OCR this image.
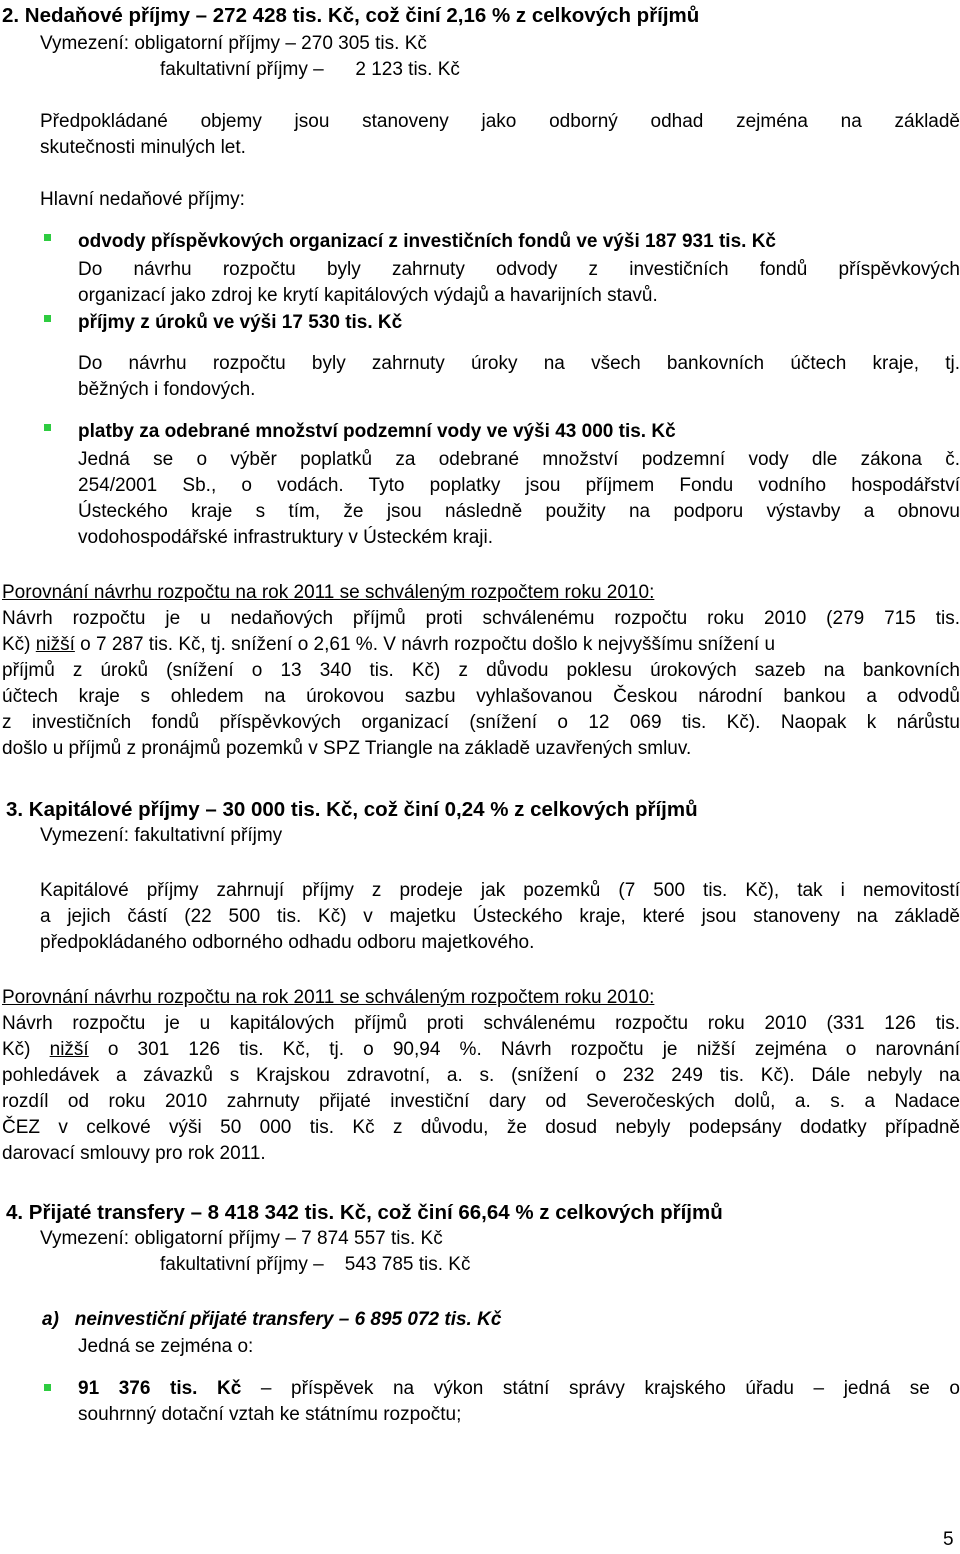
2. Nedaňové příjmy – 272 428 tis. Kč, což činí 2,16 % z celkových příjmů
Vymezení: obligatorní příjmy – 270 305 tis. Kč
fakultativní příjmy –      2 123 tis. Kč
Předpokládané objemy jsou stanoveny jako odborný odhad zejména na základě
skutečnosti minulých let.
Hlavní nedaňové příjmy:
odvody příspěvkových organizací z investičních fondů ve výši 187 931 tis. Kč
Do návrhu rozpočtu byly zahrnuty odvody z investičních fondů příspěvkových
organizací jako zdroj ke krytí kapitálových výdajů a havarijních stavů.
příjmy z úroků ve výši 17 530 tis. Kč
Do návrhu rozpočtu byly zahrnuty úroky na všech bankovních účtech kraje, tj.
běžných i fondových.
platby za odebrané množství podzemní vody ve výši 43 000 tis. Kč
Jedná se o výběr poplatků za odebrané množství podzemní vody dle zákona č.
254/2001 Sb., o vodách. Tyto poplatky jsou příjmem Fondu vodního hospodářství
Ústeckého kraje s tím, že jsou následně použity na podporu výstavby a obnovu
vodohospodářské infrastruktury v Ústeckém kraji.
Porovnání návrhu rozpočtu na rok 2011 se schváleným rozpočtem roku 2010:
Návrh rozpočtu je u nedaňových příjmů proti schválenému rozpočtu roku 2010 (279 715 tis.
Kč) nižší o 7 287 tis. Kč, tj. snížení o 2,61 %. V návrh rozpočtu došlo k nejvyššímu snížení u
příjmů z úroků (snížení o 13 340 tis. Kč) z důvodu poklesu úrokových sazeb na bankovních
účtech kraje s ohledem na úrokovou sazbu vyhlašovanou Českou národní bankou a odvodů
z investičních fondů příspěvkových organizací (snížení o 12 069 tis. Kč). Naopak k nárůstu
došlo u příjmů z pronájmů pozemků v SPZ Triangle na základě uzavřených smluv.
3. Kapitálové příjmy – 30 000 tis. Kč, což činí 0,24 % z celkových příjmů
Vymezení: fakultativní příjmy
Kapitálové příjmy zahrnují příjmy z prodeje jak pozemků (7 500 tis. Kč), tak i nemovitostí
a jejich částí (22 500 tis. Kč) v majetku Ústeckého kraje, které jsou stanoveny na základě
předpokládaného odborného odhadu odboru majetkového.
Porovnání návrhu rozpočtu na rok 2011 se schváleným rozpočtem roku 2010:
Návrh rozpočtu je u kapitálových příjmů proti schválenému rozpočtu roku 2010 (331 126 tis.
Kč) nižší o 301 126 tis. Kč, tj. o 90,94 %. Návrh rozpočtu je nižší zejména o narovnání
pohledávek a závazků s Krajskou zdravotní, a. s. (snížení o 232 249 tis. Kč). Dále nebyly na
rozdíl od roku 2010 zahrnuty přijaté investiční dary od Severočeských dolů, a. s. a Nadace
ČEZ v celkové výši 50 000 tis. Kč z důvodu, že dosud nebyly podepsány dodatky případně
darovací smlouvy pro rok 2011.
4. Přijaté transfery – 8 418 342 tis. Kč, což činí 66,64 % z celkových příjmů
Vymezení: obligatorní příjmy – 7 874 557 tis. Kč
fakultativní příjmy –    543 785 tis. Kč
a)   neinvestiční přijaté transfery – 6 895 072 tis. Kč
Jedná se zejména o:
91 376 tis. Kč – příspěvek na výkon státní správy krajského úřadu – jedná se o
souhrnný dotační vztah ke státnímu rozpočtu;
5
